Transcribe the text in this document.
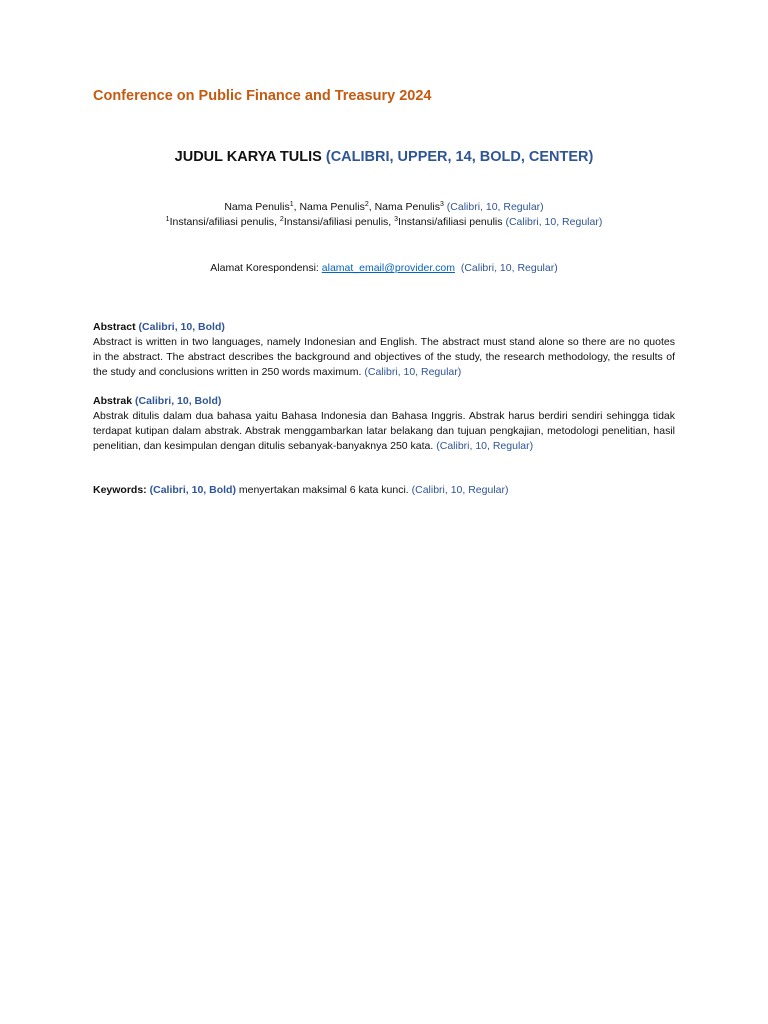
Conference on Public Finance and Treasury 2024
JUDUL KARYA TULIS (CALIBRI, UPPER, 14, BOLD, CENTER)
Nama Penulis$^1$, Nama Penulis$^2$, Nama Penulis$^3$ (Calibri, 10, Regular)
$^1$Instansi/afiliasi penulis, $^2$Instansi/afiliasi penulis, $^3$Instansi/afiliasi penulis (Calibri, 10, Regular)
Alamat Korespondensi: alamat_email@provider.com (Calibri, 10, Regular)
Abstract (Calibri, 10, Bold)
Abstract is written in two languages, namely Indonesian and English. The abstract must stand alone so there are no quotes in the abstract. The abstract describes the background and objectives of the study, the research methodology, the results of the study and conclusions written in 250 words maximum. (Calibri, 10, Regular)
Abstrak (Calibri, 10, Bold)
Abstrak ditulis dalam dua bahasa yaitu Bahasa Indonesia dan Bahasa Inggris. Abstrak harus berdiri sendiri sehingga tidak terdapat kutipan dalam abstrak. Abstrak menggambarkan latar belakang dan tujuan pengkajian, metodologi penelitian, hasil penelitian, dan kesimpulan dengan ditulis sebanyak-banyaknya 250 kata. (Calibri, 10, Regular)
Keywords: (Calibri, 10, Bold) menyertakan maksimal 6 kata kunci. (Calibri, 10, Regular)
